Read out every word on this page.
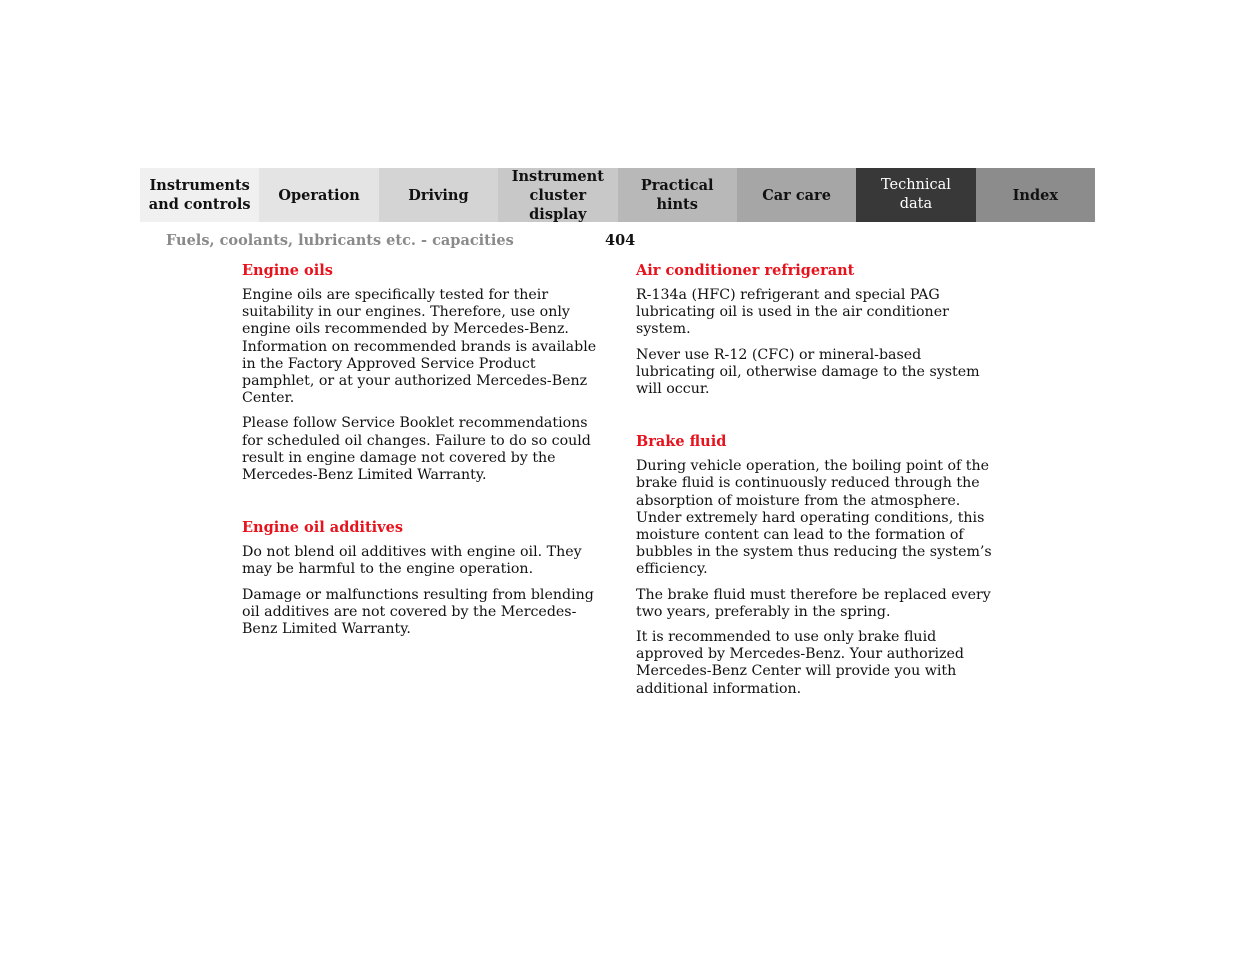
Instruments
and controls
Operation	Driving
Instrument
cluster display
Practical hints
Car care
Technical
data
Index
Fuels, coolants, lubricants etc. - capacities	404
Engine oils

Engine oils are specifically tested for their suitability in our engines. Therefore, use only engine oils recommended by Mercedes-Benz. Information on recommended brands is available in the Factory Approved Service Product pamphlet, or at your authorized Mercedes-Benz Center.

Please follow Service Booklet recommendations for scheduled oil changes. Failure to do so could result in engine damage not covered by the Mercedes-Benz Limited Warranty.

Engine oil additives

Do not blend oil additives with engine oil. They may be harmful to the engine operation.

Damage or malfunctions resulting from blending oil additives are not covered by the Mercedes-Benz Limited Warranty.

Air conditioner refrigerant

R-134a (HFC) refrigerant and special PAG lubricating oil is used in the air conditioner system.

Never use R-12 (CFC) or mineral-based lubricating oil, otherwise damage to the system will occur.

Brake fluid

During vehicle operation, the boiling point of the brake fluid is continuously reduced through the absorption of moisture from the atmosphere. Under extremely hard operating conditions, this moisture content can lead to the formation of bubbles in the system thus reducing the system’s efficiency.

The brake fluid must therefore be replaced every two years, preferably in the spring.

It is recommended to use only brake fluid approved by Mercedes-Benz. Your authorized Mercedes-Benz Center will provide you with additional information.
